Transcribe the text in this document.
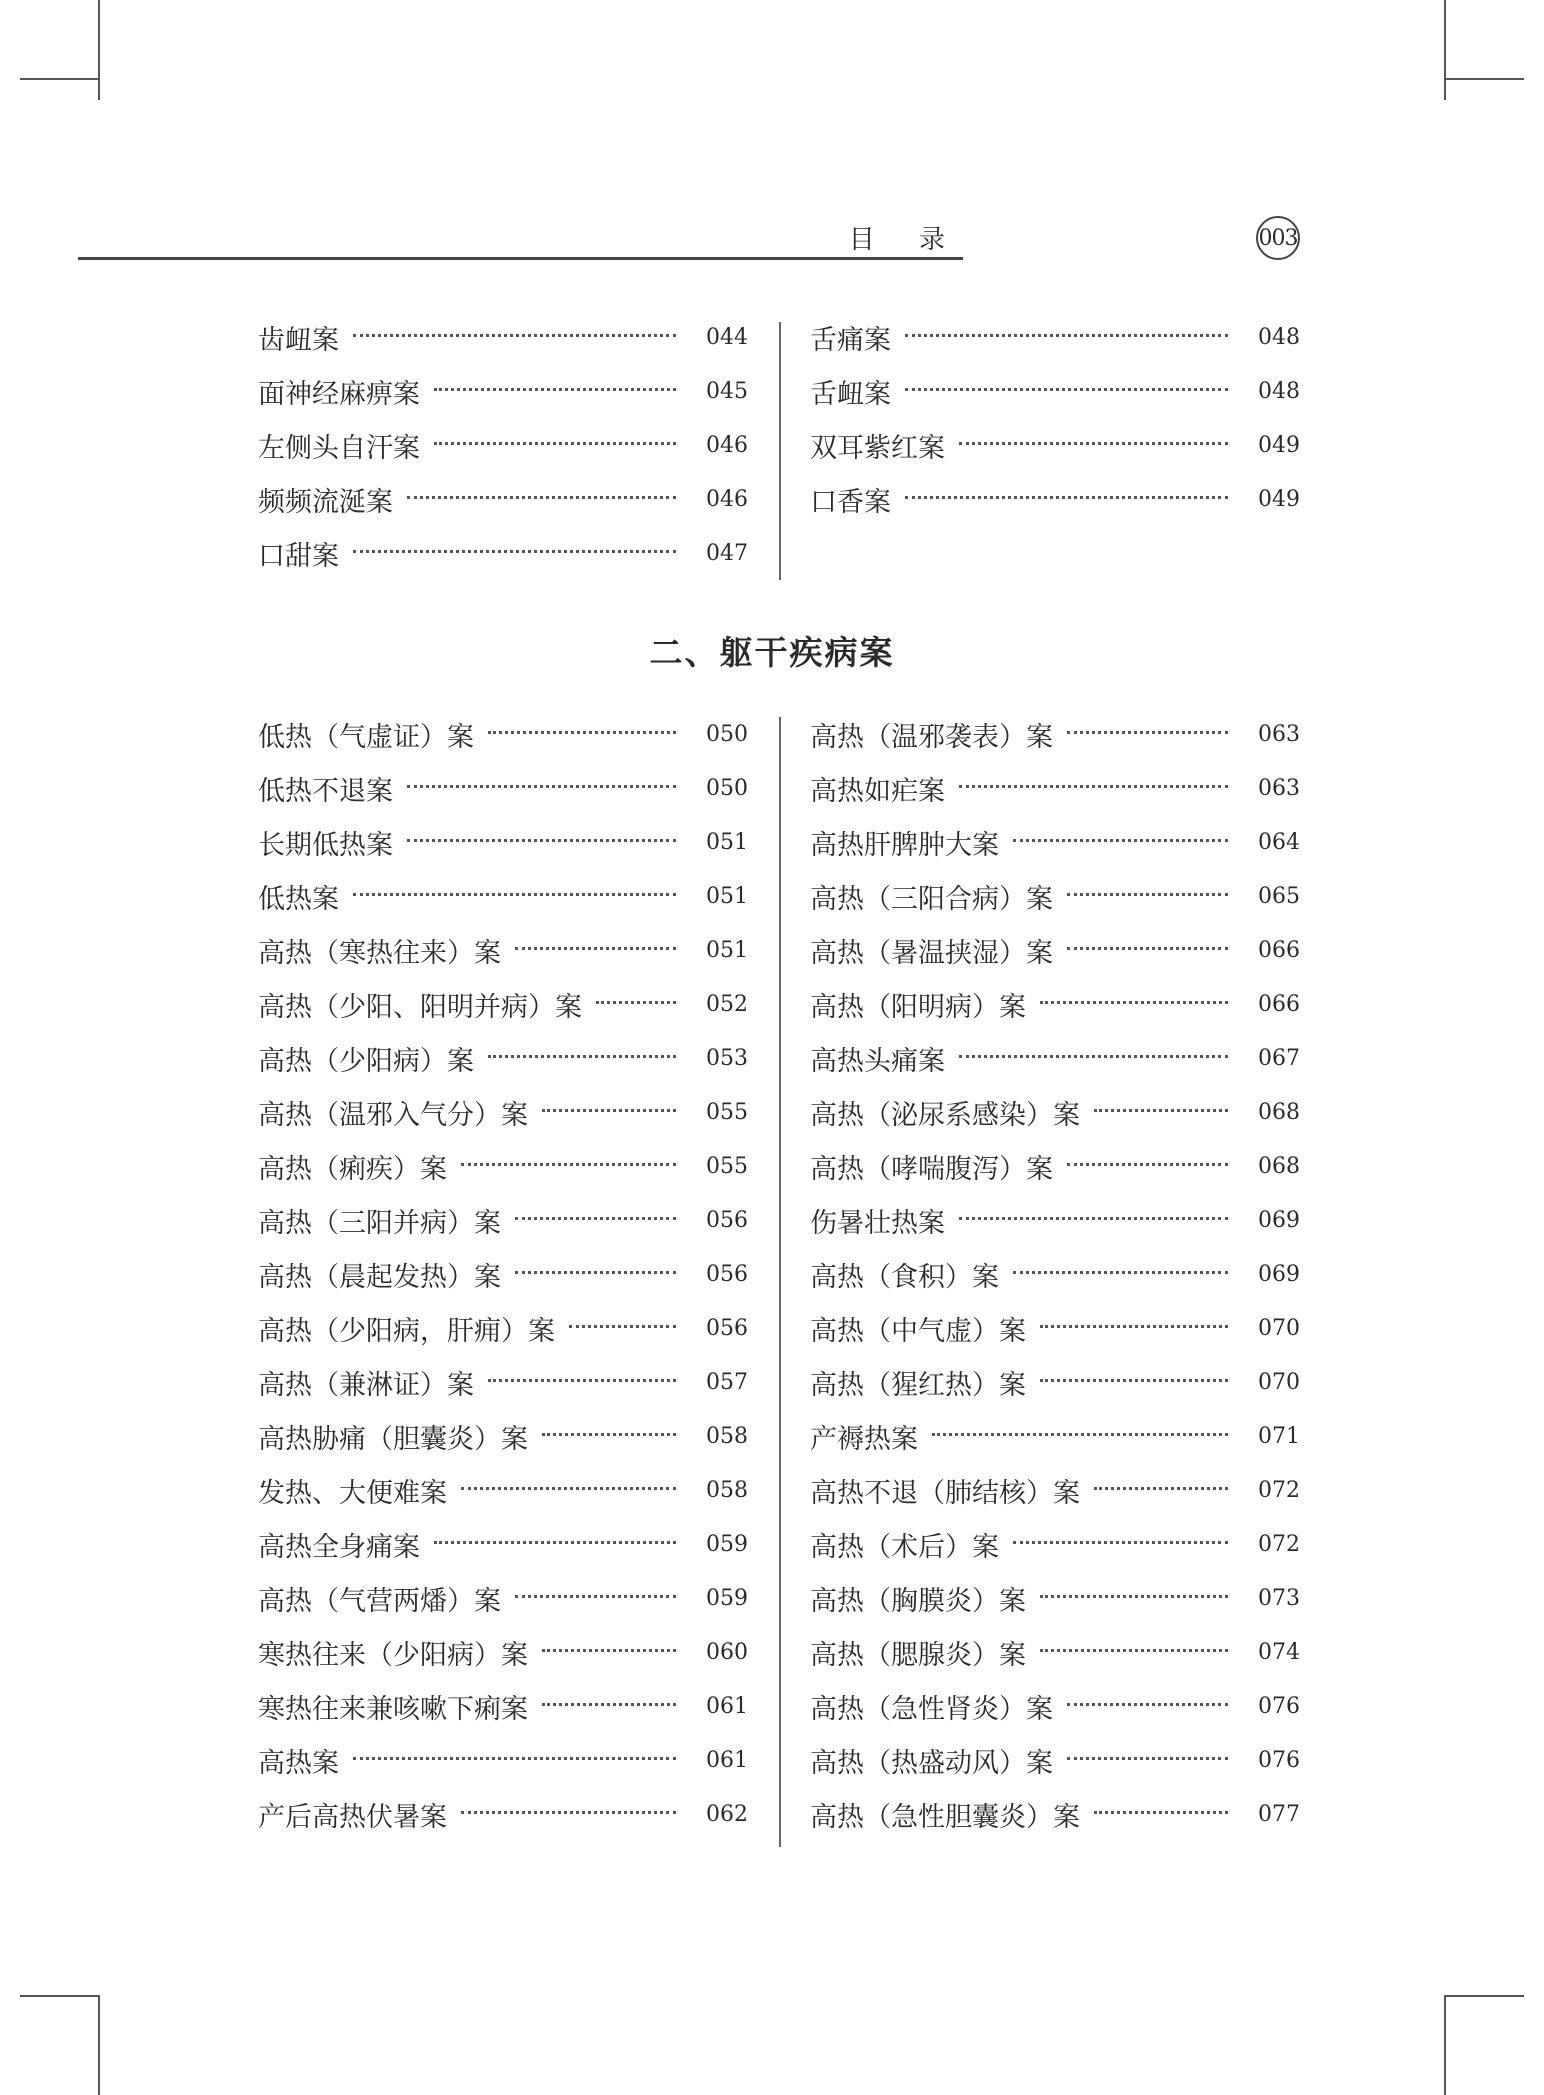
目 录	003
齿衄案	044
面神经麻痹案	045
左侧头自汗案	046
频频流涎案	046
口甜案	047
舌痛案	048
舌衄案	048
双耳紫红案	049
口香案	049
二、躯干疾病案
低热（气虚证）案	050
低热不退案	050
长期低热案	051
低热案	051
高热（寒热往来）案	051
高热（少阳、阳明并病）案	052
高热（少阳病）案	053
高热（温邪入气分）案	055
高热（痢疾）案	055
高热（三阳并病）案	056
高热（晨起发热）案	056
高热（少阳病，肝痈）案	056
高热（兼淋证）案	057
高热胁痛（胆囊炎）案	058
发热、大便难案	058
高热全身痛案	059
高热（气营两燔）案	059
寒热往来（少阳病）案	060
寒热往来兼咳嗽下痢案	061
高热案	061
产后高热伏暑案	062
高热（温邪袭表）案	063
高热如疟案	063
高热肝脾肿大案	064
高热（三阳合病）案	065
高热（暑温挟湿）案	066
高热（阳明病）案	066
高热头痛案	067
高热（泌尿系感染）案	068
高热（哮喘腹泻）案	068
伤暑壮热案	069
高热（食积）案	069
高热（中气虚）案	070
高热（猩红热）案	070
产褥热案	071
高热不退（肺结核）案	072
高热（术后）案	072
高热（胸膜炎）案	073
高热（腮腺炎）案	074
高热（急性肾炎）案	076
高热（热盛动风）案	076
高热（急性胆囊炎）案	077
